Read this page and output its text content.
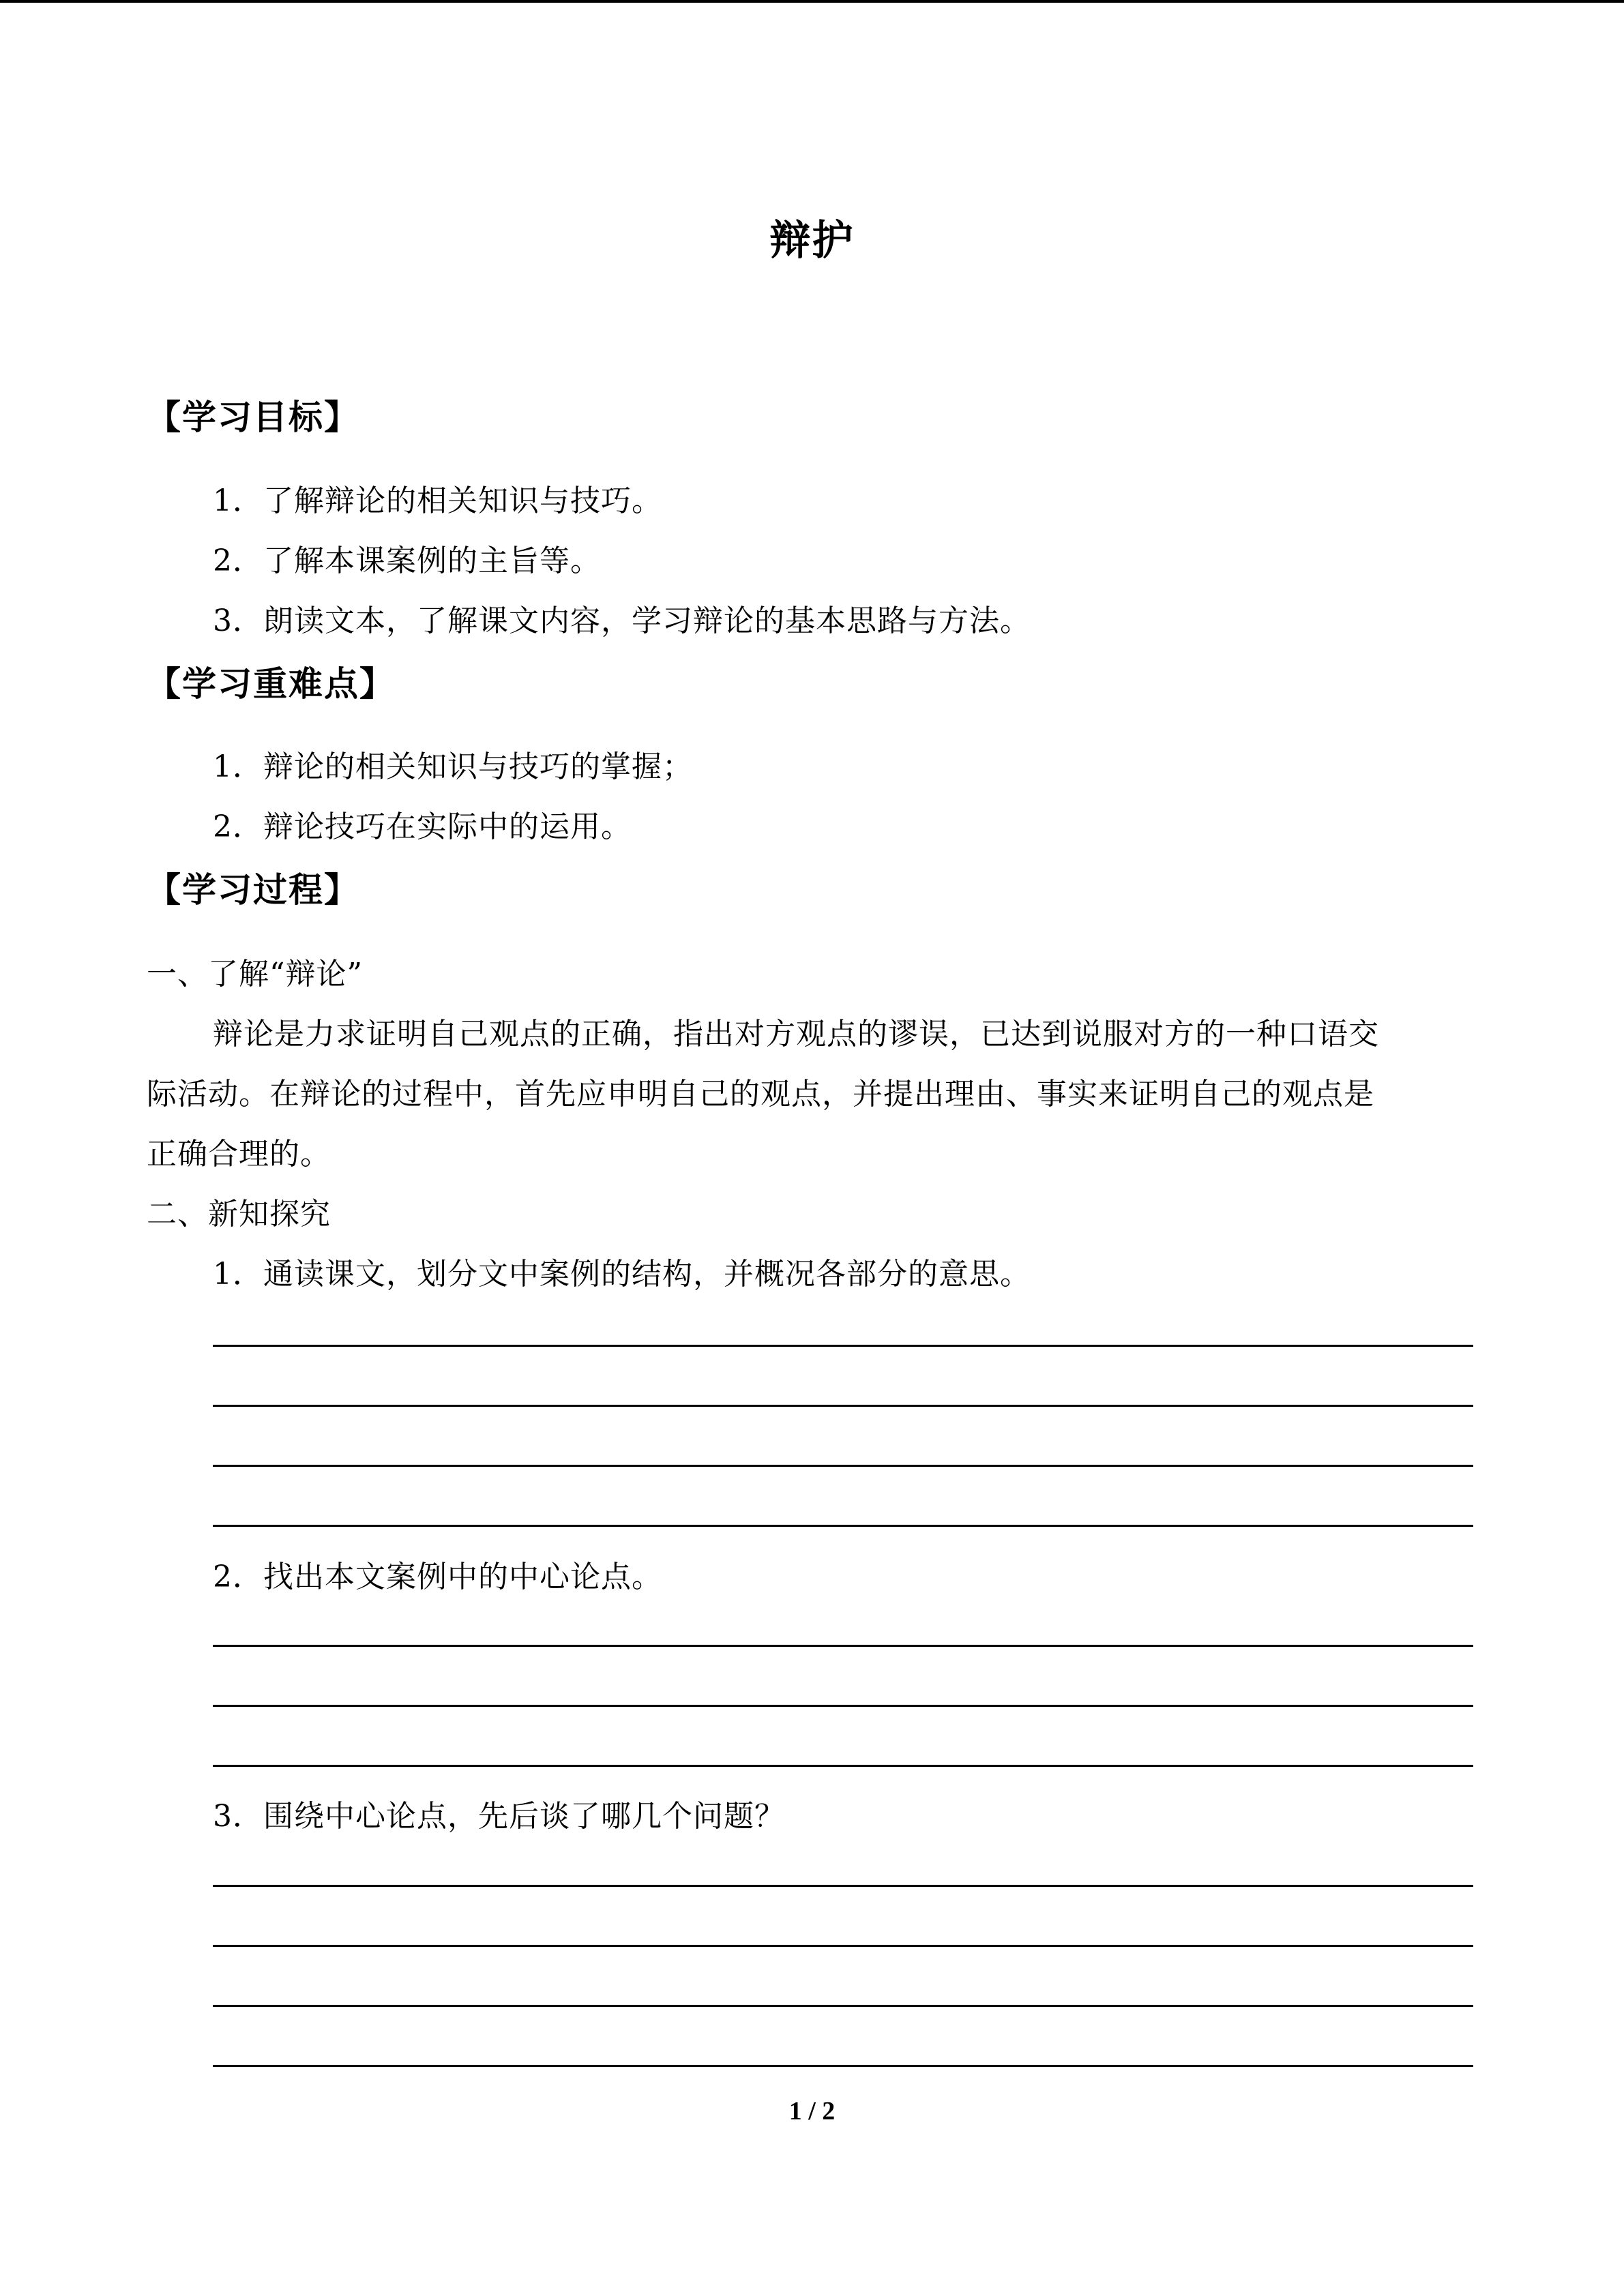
辩护
【学习目标】
1．了解辩论的相关知识与技巧。
2．了解本课案例的主旨等。
3．朗读文本，了解课文内容，学习辩论的基本思路与方法。
【学习重难点】
1．辩论的相关知识与技巧的掌握；
2．辩论技巧在实际中的运用。
【学习过程】
一、了解“辩论”
辩论是力求证明自己观点的正确，指出对方观点的谬误，已达到说服对方的一种口语交
际活动。在辩论的过程中，首先应申明自己的观点，并提出理由、事实来证明自己的观点是
正确合理的。
二、新知探究
1．通读课文，划分文中案例的结构，并概况各部分的意思。
2．找出本文案例中的中心论点。
3．围绕中心论点，先后谈了哪几个问题？
1 / 2
